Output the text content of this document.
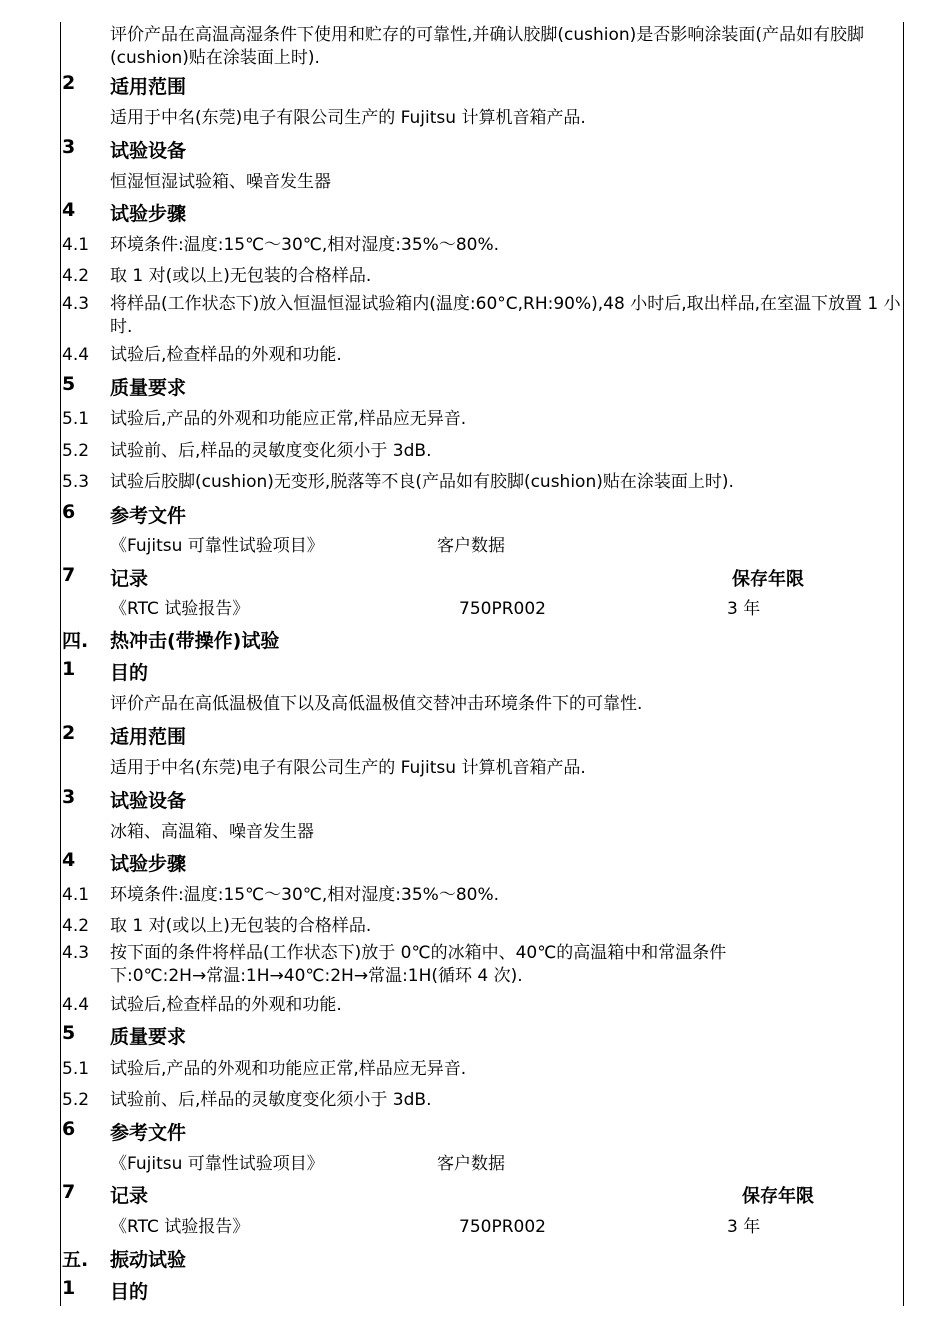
评价产品在高温高湿条件下使用和贮存的可靠性,并确认胶脚(cushion)是否影响涂装面(产品如有胶脚(cushion)贴在涂装面上时).
2 适用范围
适用于中名(东莞)电子有限公司生产的 Fujitsu 计算机音箱产品.
3 试验设备
恒湿恒湿试验箱、噪音发生器
4 试验步骤
4.1 环境条件:温度:15℃～30℃,相对湿度:35%～80%.
4.2 取 1 对(或以上)无包装的合格样品.
4.3 将样品(工作状态下)放入恒温恒湿试验箱内(温度:60°C,RH:90%),48 小时后,取出样品,在室温下放置 1 小时.
4.4 试验后,检查样品的外观和功能.
5 质量要求
5.1 试验后,产品的外观和功能应正常,样品应无异音.
5.2 试验前、后,样品的灵敏度变化须小于 3dB.
5.3 试验后胶脚(cushion)无变形,脱落等不良(产品如有胶脚(cushion)贴在涂装面上时).
6 参考文件
《Fujitsu 可靠性试验项目》	客户数据
7 记录	保存年限
《RTC 试验报告》	750PR002	3 年
四. 热冲击(带操作)试验
1 目的
评价产品在高低温极值下以及高低温极值交替冲击环境条件下的可靠性.
2 适用范围
适用于中名(东莞)电子有限公司生产的 Fujitsu 计算机音箱产品.
3 试验设备
冰箱、高温箱、噪音发生器
4 试验步骤
4.1 环境条件:温度:15℃～30℃,相对湿度:35%～80%.
4.2 取 1 对(或以上)无包装的合格样品.
4.3 按下面的条件将样品(工作状态下)放于 0℃的冰箱中、40℃的高温箱中和常温条件下:0℃:2H→常温:1H→40℃:2H→常温:1H(循环 4 次).
4.4 试验后,检查样品的外观和功能.
5 质量要求
5.1 试验后,产品的外观和功能应正常,样品应无异音.
5.2 试验前、后,样品的灵敏度变化须小于 3dB.
6 参考文件
《Fujitsu 可靠性试验项目》	客户数据
7 记录	保存年限
《RTC 试验报告》	750PR002	3 年
五. 振动试验
1 目的
